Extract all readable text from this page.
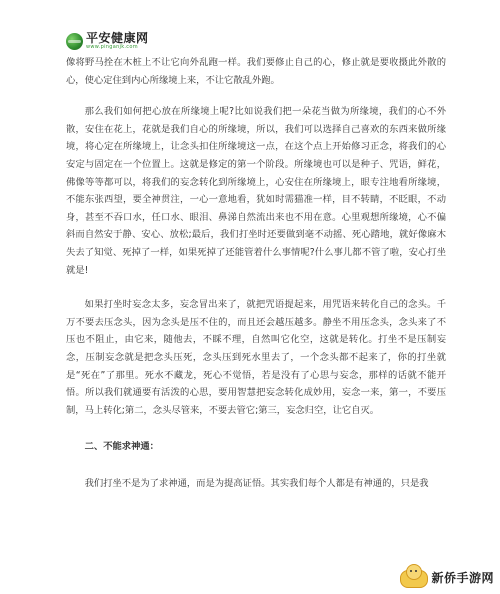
平安健康网
www.pinganjk.com

像将野马拴在木桩上不让它向外乱跑一样。我们要修止自己的心，修止就是要收摄此外散的心，使心定住到内心所缘境上来，不让它散乱外跑。

那么我们如何把心放在所缘境上呢?比如说我们把一朵花当做为所缘境，我们的心不外散，安住在花上，花就是我们自心的所缘境，所以，我们可以选择自己喜欢的东西来做所缘境，将心定在所缘境上，让念头扣住所缘境这一点，在这个点上开始修习正念，将我们的心安定与固定在一个位置上。这就是修定的第一个阶段。所缘境也可以是种子、咒语，鲜花，佛像等等都可以，将我们的妄念转化到所缘境上，心安住在所缘境上，眼专注地看所缘境，不能东张西望，要全神贯注，一心一意地看，犹如时需猫准一样，目不转睛，不眨眼，不动身，甚至不吞口水，任口水、眼泪、鼻涕自然流出来也不用在意。心里观想所缘境，心不偏斜而自然安于静、安心、放松;最后，我们打坐时还要做到毫不动摇、死心踏地，就好像麻木失去了知觉、死掉了一样，如果死掉了还能管着什么事情呢?什么事儿都不管了啦，安心打坐就是!

如果打坐时妄念太多，妄念冒出来了，就把咒语提起来，用咒语来转化自己的念头。千万不要去压念头，因为念头是压不住的，而且还会越压越多。静坐不用压念头，念头来了不压也不阻止，由它来，随他去，不睬不理，自然叫它化空，这就是转化。打坐不是压制妄念，压制妄念就是把念头压死，念头压到死水里去了，一个念头都不起来了，你的打坐就是“死在”了那里。死水不藏龙，死心不觉悟，若是没有了心思与妄念，那样的话就不能开悟。所以我们就通要有活泼的心思，要用智慧把妄念转化成妙用，妄念一来，第一，不要压制，马上转化;第二，念头尽管来，不要去管它;第三，妄念归空，让它自灭。

二、不能求神通：

我们打坐不是为了求神通，而是为提高证悟。其实我们每个人都是有神通的，只是我

新侨手游网
